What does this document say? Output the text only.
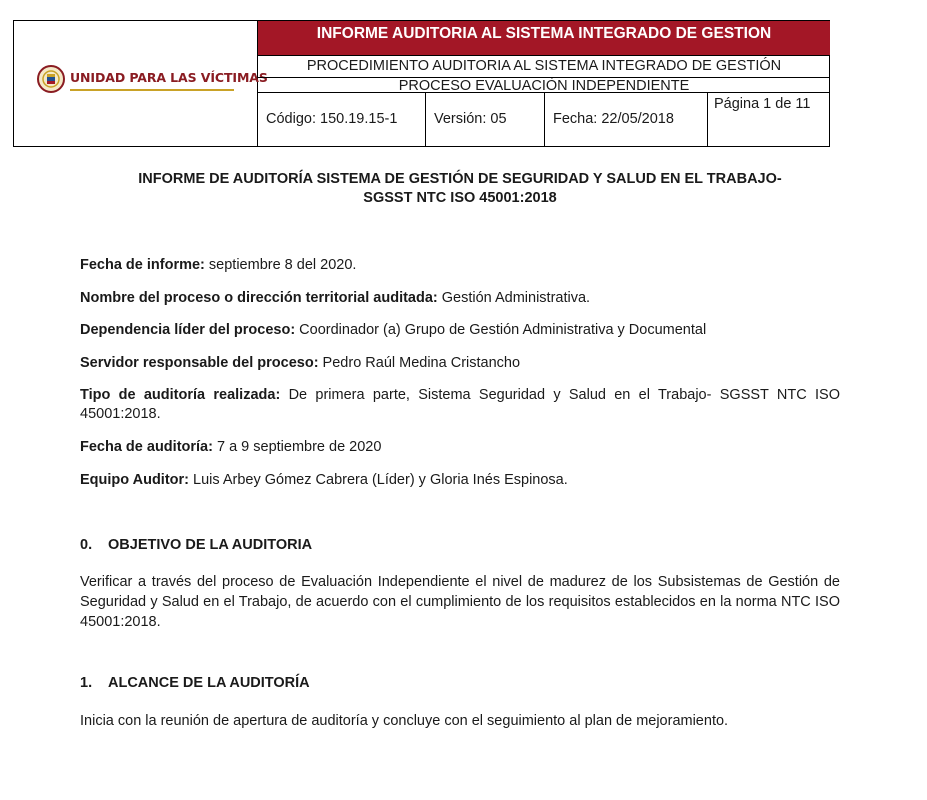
UNIDAD PARA LAS VÍCTIMAS
INFORME AUDITORIA AL SISTEMA INTEGRADO DE GESTION
PROCEDIMIENTO AUDITORIA AL SISTEMA INTEGRADO DE GESTIÓN
PROCESO EVALUACIÒN INDEPENDIENTE
Código: 150.19.15-1	Versión: 05	Fecha: 22/05/2018
Página 1 de 11
INFORME DE AUDITORÍA SISTEMA DE GESTIÓN DE SEGURIDAD Y SALUD EN EL TRABAJO-
SGSST NTC ISO 45001:2018
Fecha de informe: septiembre 8 del 2020.
Nombre del proceso o dirección territorial auditada: Gestión Administrativa.
Dependencia líder del proceso: Coordinador (a) Grupo de Gestión Administrativa y Documental
Servidor responsable del proceso: Pedro Raúl Medina Cristancho
Tipo de auditoría realizada: De primera parte, Sistema Seguridad y Salud en el Trabajo- SGSST NTC ISO 45001:2018.
Fecha de auditoría: 7 a 9 septiembre de 2020
Equipo Auditor: Luis Arbey Gómez Cabrera (Líder) y Gloria Inés Espinosa.
0. OBJETIVO DE LA AUDITORIA
Verificar a través del proceso de Evaluación Independiente el nivel de madurez de los Subsistemas de Gestión de Seguridad y Salud en el Trabajo, de acuerdo con el cumplimiento de los requisitos establecidos en la norma NTC ISO 45001:2018.
1. ALCANCE DE LA AUDITORÍA
Inicia con la reunión de apertura de auditoría y concluye con el seguimiento al plan de mejoramiento.
